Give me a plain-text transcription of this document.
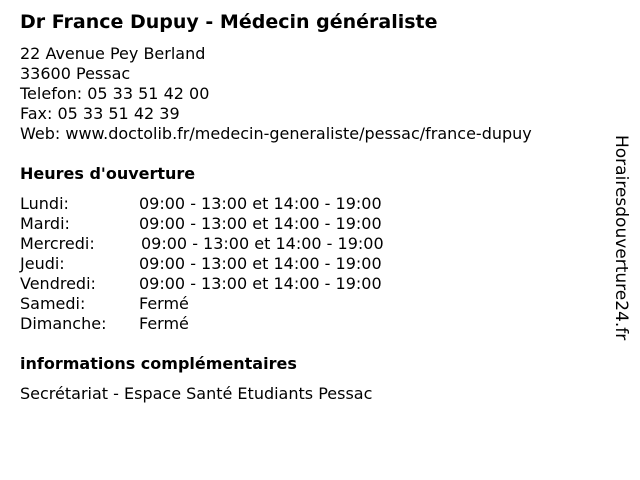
Dr France Dupuy - Médecin généraliste
22 Avenue Pey Berland
33600 Pessac
Telefon: 05 33 51 42 00
Fax: 05 33 51 42 39
Web: www.doctolib.fr/medecin-generaliste/pessac/france-dupuy
Heures d'ouverture
Lundi:	09:00 - 13:00 et 14:00 - 19:00
Mardi:	09:00 - 13:00 et 14:00 - 19:00
Mercredi:	09:00 - 13:00 et 14:00 - 19:00
Jeudi:	09:00 - 13:00 et 14:00 - 19:00
Vendredi:	09:00 - 13:00 et 14:00 - 19:00
Samedi:	Fermé
Dimanche: Fermé
informations complémentaires
Secrétariat - Espace Santé Etudiants Pessac
Horairesdouverture24.fr
